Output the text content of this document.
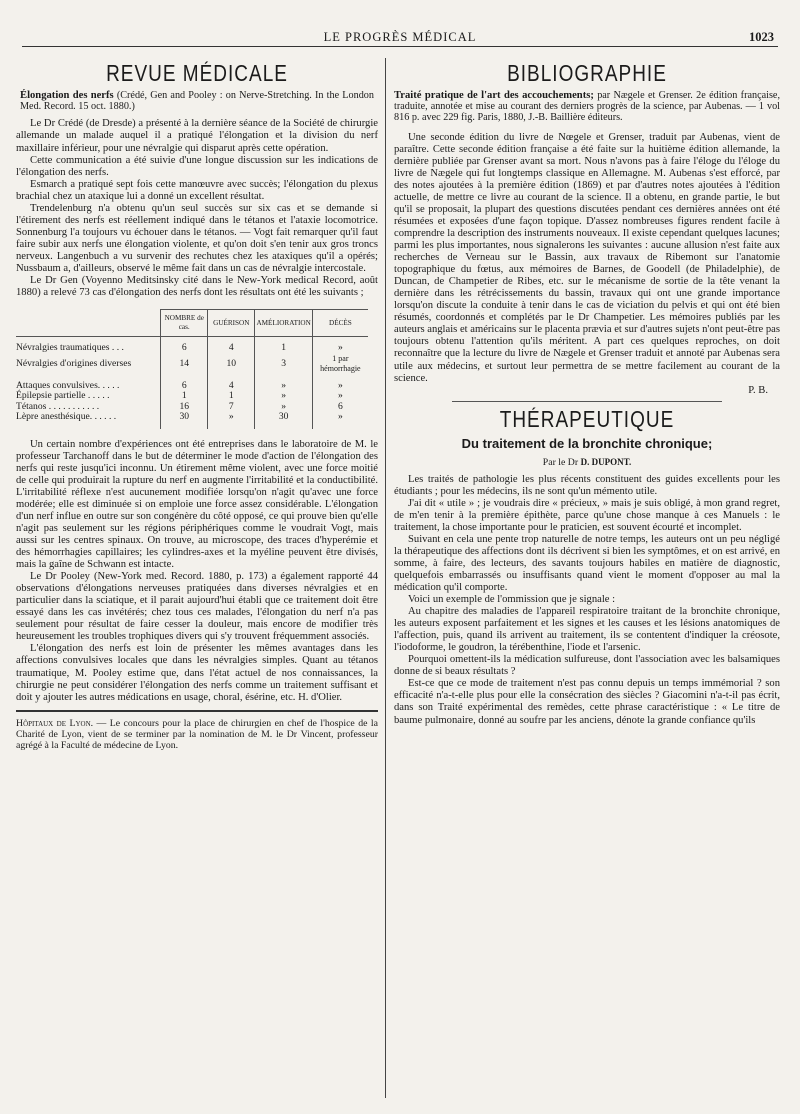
LE PROGRÈS MÉDICAL	1023
REVUE MÉDICALE
Élongation des nerfs (Crédé, Gen and Pooley : on Nerve-Stretching. In the London Med. Record. 15 oct. 1880.)

Le Dr Crédé (de Dresde) a présenté à la dernière séance de la Société de chirurgie allemande un malade auquel il a pratiqué l'élongation et la division du nerf maxillaire inférieur, pour une névralgie qui disparut après cette opération.

Cette communication a été suivie d'une longue discussion sur les indications de l'élongation des nerfs.

Esmarch a pratiqué sept fois cette manœuvre avec succès; l'élongation du plexus brachial chez un ataxique lui a donné un excellent résultat.

Trendelenburg n'a obtenu qu'un seul succès sur six cas et se demande si l'étirement des nerfs est réellement indiqué dans le tétanos et l'ataxie locomotrice. Sonnenburg l'a toujours vu échouer dans le tétanos. — Vogt fait remarquer qu'il faut faire subir aux nerfs une élongation violente, et qu'on doit s'en tenir aux gros troncs nerveux. Langenbuch a vu survenir des rechutes chez les ataxiques qu'il a opérés; Nussbaum a, d'ailleurs, observé le même fait dans un cas de névralgie intercostale.

Le Dr Gen (Voyenno Meditsinsky cité dans le New-York medical Record, août 1880) a relevé 73 cas d'élongation des nerfs dont les résultats ont été les suivants ;

	NOMBRE de cas.	GUÉRISON	AMÉLIORATION	DÉCÈS

Névralgies traumatiques . . .	6	4	1	»
Névralgies d'origines diverses	14	10	3	1 par hémorrhagie

Attaques convulsives. . . . .	6	4	»	»
Épilepsie partielle . . . . .	1	1	»	»
Tétanos . . . . . . . . . . .	16	7	»	6
Lèpre anesthésique. . . . . .	30	»	30	»

Un certain nombre d'expériences ont été entreprises dans le laboratoire de M. le professeur Tarchanoff dans le but de déterminer le mode d'action de l'élongation des nerfs qui reste jusqu'ici inconnu. Un étirement même violent, avec une force moitié de celle qui produirait la rupture du nerf en augmente l'irritabilité et la conductibilité. L'irritabilité réflexe n'est aucunement modifiée lorsqu'on n'agit qu'avec une force modérée; elle est diminuée si on emploie une force assez considérable. L'élongation d'un nerf influe en outre sur son congénère du côté opposé, ce qui prouve bien qu'elle n'agit pas seulement sur les régions périphériques comme le voudrait Vogt, mais aussi sur les centres spinaux. On trouve, au microscope, des traces d'hyperémie et des hémorrhagies capillaires; les cylindres-axes et la myéline peuvent être divisés, mais la gaîne de Schwann est intacte.

Le Dr Pooley (New-York med. Record. 1880, p. 173) a également rapporté 44 observations d'élongations nerveuses pratiquées dans diverses névralgies et en particulier dans la sciatique, et il parait aujourd'hui établi que ce traitement doit être essayé dans les cas invétérés; chez tous ces malades, l'élongation du nerf n'a pas seulement pour résultat de faire cesser la douleur, mais encore de modifier très heureusement les troubles trophiques divers qui s'y trouvent fréquemment associés.

L'élongation des nerfs est loin de présenter les mêmes avantages dans les affections convulsives locales que dans les névralgies simples. Quant au tétanos traumatique, M. Pooley estime que, dans l'état actuel de nos connaissances, la chirurgie ne peut considérer l'élongation des nerfs comme un traitement suffisant et doit y ajouter les autres médications en usage, choral, ésérine, etc. H. d'Olier.

Hôpitaux de Lyon. — Le concours pour la place de chirurgien en chef de l'hospice de la Charité de Lyon, vient de se terminer par la nomination de M. le Dr Vincent, professeur agrégé à la Faculté de médecine de Lyon.
BIBLIOGRAPHIE
Traité pratique de l'art des accouchements; par Nægele et Grenser. 2e édition française, traduite, annotée et mise au courant des derniers progrès de la science, par Aubenas. — 1 vol 816 p. avec 229 fig. Paris, 1880, J.-B. Baillière éditeurs.

Une seconde édition du livre de Nœgele et Grenser, traduit par Aubenas, vient de paraître. Cette seconde édition française a été faite sur la huitième édition allemande, la dernière publiée par Grenser avant sa mort. Nous n'avons pas à faire l'éloge du l'éloge du livre de Nægele qui fut longtemps classique en Allemagne. M. Aubenas s'est efforcé, par des notes ajoutées à la première édition (1869) et par d'autres notes ajoutées à l'édition actuelle, de mettre ce livre au courant de la science. Il a obtenu, en grande partie, le but qu'il se proposait, la plupart des questions discutées pendant ces dernières années ont été résumées et exposées d'une façon topique. D'assez nombreuses figures rendent facile à comprendre la description des instruments nouveaux. Il existe cependant quelques lacunes; parmi les plus importantes, nous signalerons les suivantes : aucune allusion n'est faite aux recherches de Verneau sur le Bassin, aux travaux de Ribemont sur l'anatomie topographique du fœtus, aux mémoires de Barnes, de Goodell (de Philadelphie), de Duncan, de Champetier de Ribes, etc. sur le mécanisme de sortie de la tête venant la dernière dans les rétrécissements du bassin, travaux qui ont une grande importance lorsqu'on discute la conduite à tenir dans le cas de viciation du pelvis et qui ont été bien résumés, coordonnés et complétés par le Dr Champetier. Les mémoires publiés par les auteurs anglais et américains sur le placenta prævia et sur d'autres sujets n'ont peut-être pas toujours obtenu l'attention qu'ils méritent. A part ces quelques reproches, on doit reconnaître que la lecture du livre de Nægele et Grenser traduit et annoté par Aubenas sera utile aux médecins, et surtout leur permettra de se mettre facilement au courant de la science.

P. B.
THÉRAPEUTIQUE
Du traitement de la bronchite chronique;
Par le Dr D. DUPONT.

Les traités de pathologie les plus récents constituent des guides excellents pour les étudiants ; pour les médecins, ils ne sont qu'un mémento utile.

J'ai dit « utile » ; je voudrais dire « précieux, » mais je suis obligé, à mon grand regret, de m'en tenir à la première épithète, parce qu'une chose manque à ces Manuels : le traitement, la chose importante pour le praticien, est souvent écourté et incomplet.

Suivant en cela une pente trop naturelle de notre temps, les auteurs ont un peu négligé la thérapeutique des affections dont ils décrivent si bien les symptômes, et on est arrivé, en somme, à faire, des lecteurs, des savants toujours habiles en matière de diagnostic, quelquefois embarrassés ou insuffisants quand vient le moment d'opposer au mal la médication qu'il comporte.

Voici un exemple de l'ommission que je signale :

Au chapitre des maladies de l'appareil respiratoire traitant de la bronchite chronique, les auteurs exposent parfaitement et les signes et les causes et les lésions anatomiques de l'affection, puis, quand ils arrivent au traitement, ils se contentent d'indiquer la créosote, l'iodoforme, le goudron, la térébenthine, l'iode et l'arsenic.

Pourquoi omettent-ils la médication sulfureuse, dont l'association avec les balsamiques donne de si beaux résultats ?

Est-ce que ce mode de traitement n'est pas connu depuis un temps immémorial ? son efficacité n'a-t-elle plus pour elle la consécration des siècles ? Giacomini n'a-t-il pas écrit, dans son Traité expérimental des remèdes, cette phrase caractéristique : « Le titre de baume pulmonaire, donné au soufre par les anciens, dénote la grande confiance qu'ils
